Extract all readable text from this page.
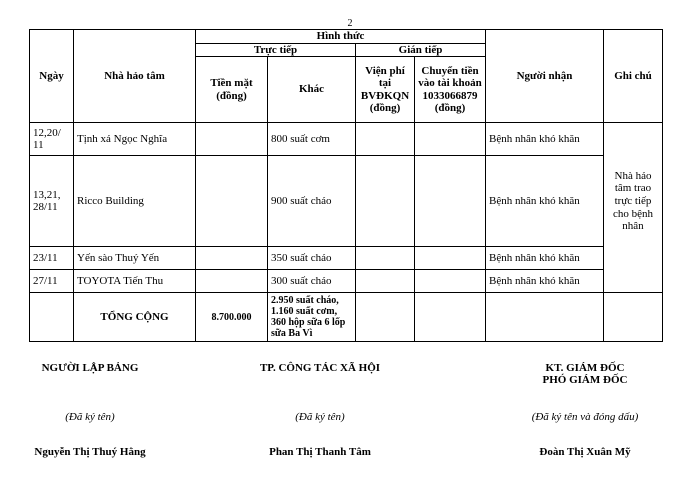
2
Ngày	Nhà hảo tâm	Hình thức				Người nhận	Ghi chú
		Trực tiếp		Gián tiếp			
		Tiền mặt (đồng)	Khác	Viện phí tại BVĐKQN (đồng)	Chuyển tiền vào tài khoản 1033066879 (đồng)		
12,20/ 11	Tịnh xá Ngọc Nghĩa		800 suất cơm			Bệnh nhân khó khăn	
13,21, 28/11	Ricco Building		900 suất cháo			Bệnh nhân khó khăn	Nhà hảo tâm trao trực tiếp cho bệnh nhân
23/11	Yến sào Thuý Yến		350 suất cháo			Bệnh nhân khó khăn	
27/11	TOYOTA Tiến Thu		300 suất cháo			Bệnh nhân khó khăn	
	TỔNG CỘNG	8.700.000	2.950 suất cháo, 1.160 suất cơm, 360 hộp sữa 6 lốp sữa Ba Vì				
NGƯỜI LẬP BẢNG
(Đã ký tên)
Nguyễn Thị Thuý Hằng
TP. CÔNG TÁC XÃ HỘI
(Đã ký tên)
Phan Thị Thanh Tâm
KT. GIÁM ĐỐC
PHÓ GIÁM ĐỐC
(Đã ký tên và đóng dấu)
Đoàn Thị Xuân Mỹ
